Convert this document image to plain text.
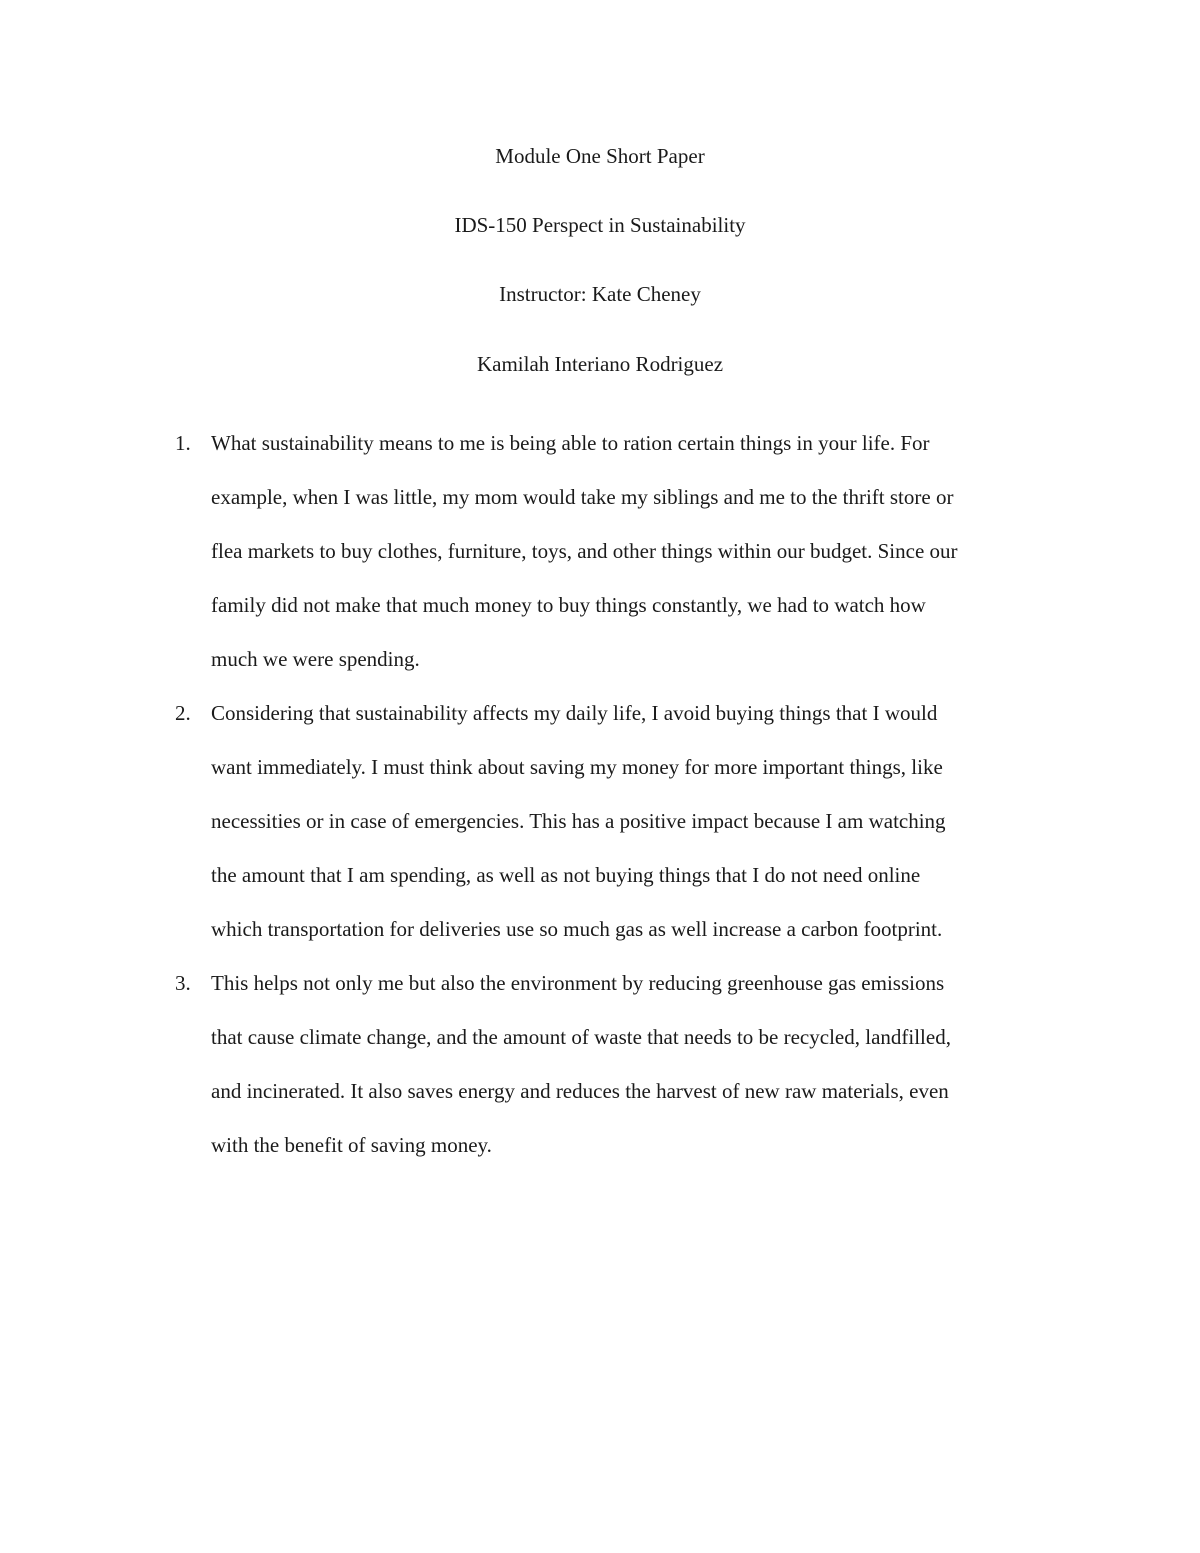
Module One Short Paper
IDS-150 Perspect in Sustainability
Instructor: Kate Cheney
Kamilah Interiano Rodriguez
1. What sustainability means to me is being able to ration certain things in your life. For
example, when I was little, my mom would take my siblings and me to the thrift store or
flea markets to buy clothes, furniture, toys, and other things within our budget. Since our
family did not make that much money to buy things constantly, we had to watch how
much we were spending.
2. Considering that sustainability affects my daily life, I avoid buying things that I would
want immediately. I must think about saving my money for more important things, like
necessities or in case of emergencies. This has a positive impact because I am watching
the amount that I am spending, as well as not buying things that I do not need online
which transportation for deliveries use so much gas as well increase a carbon footprint.
3. This helps not only me but also the environment by reducing greenhouse gas emissions
that cause climate change, and the amount of waste that needs to be recycled, landfilled,
and incinerated. It also saves energy and reduces the harvest of new raw materials, even
with the benefit of saving money.
